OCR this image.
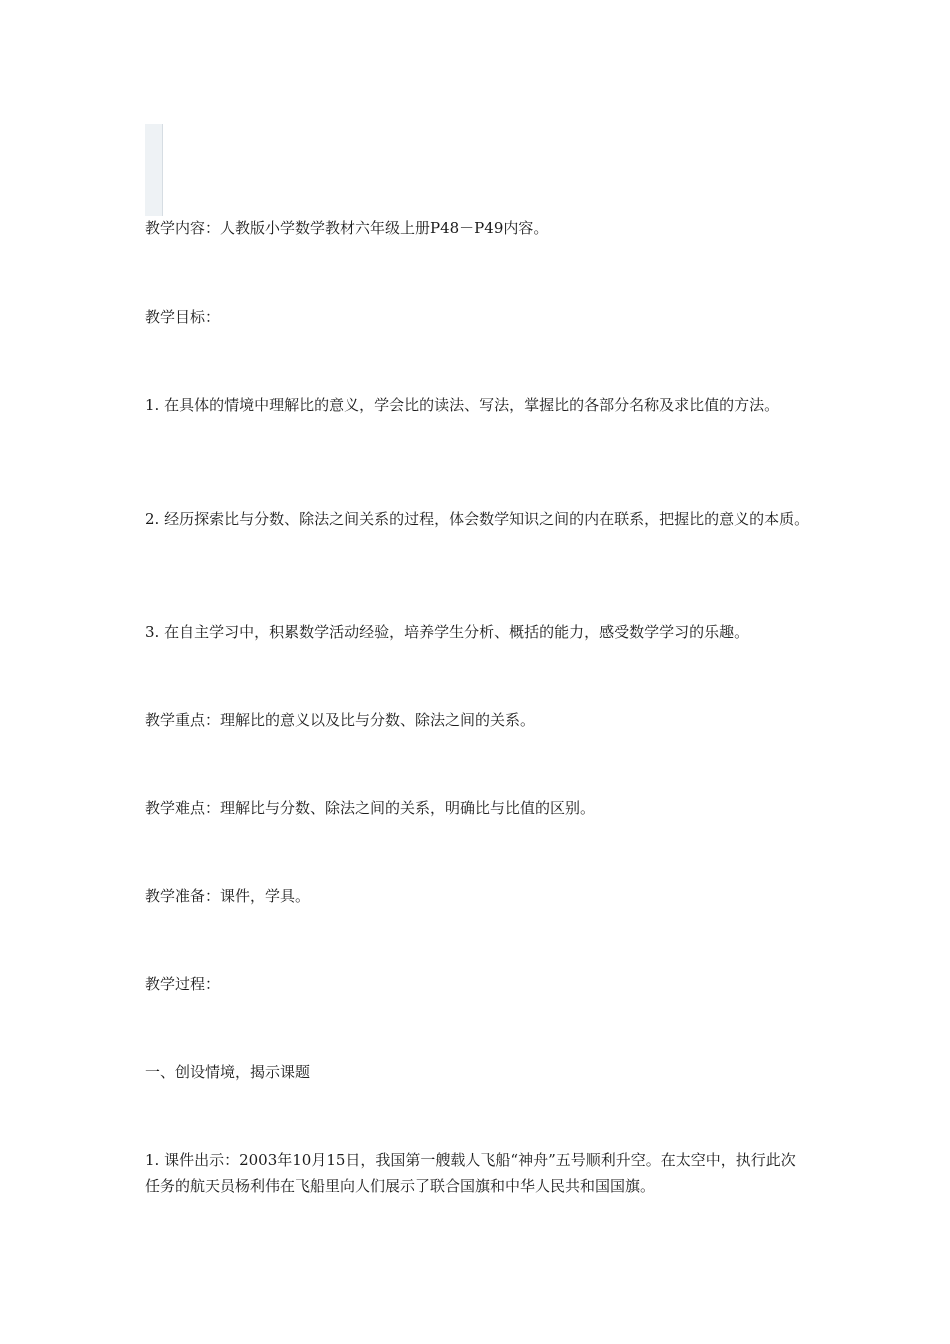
教学内容：人教版小学数学教材六年级上册P48－P49内容。

教学目标：

1. 在具体的情境中理解比的意义，学会比的读法、写法，掌握比的各部分名称及求比值的方法。

2. 经历探索比与分数、除法之间关系的过程，体会数学知识之间的内在联系，把握比的意义的本质。

3. 在自主学习中，积累数学活动经验，培养学生分析、概括的能力，感受数学学习的乐趣。

教学重点：理解比的意义以及比与分数、除法之间的关系。

教学难点：理解比与分数、除法之间的关系，明确比与比值的区别。

教学准备：课件，学具。

教学过程：

一、创设情境，揭示课题

1. 课件出示：2003年10月15日，我国第一艘载人飞船“神舟”五号顺利升空。在太空中，执行此次任务的航天员杨利伟在飞船里向人们展示了联合国旗和中华人民共和国国旗。
